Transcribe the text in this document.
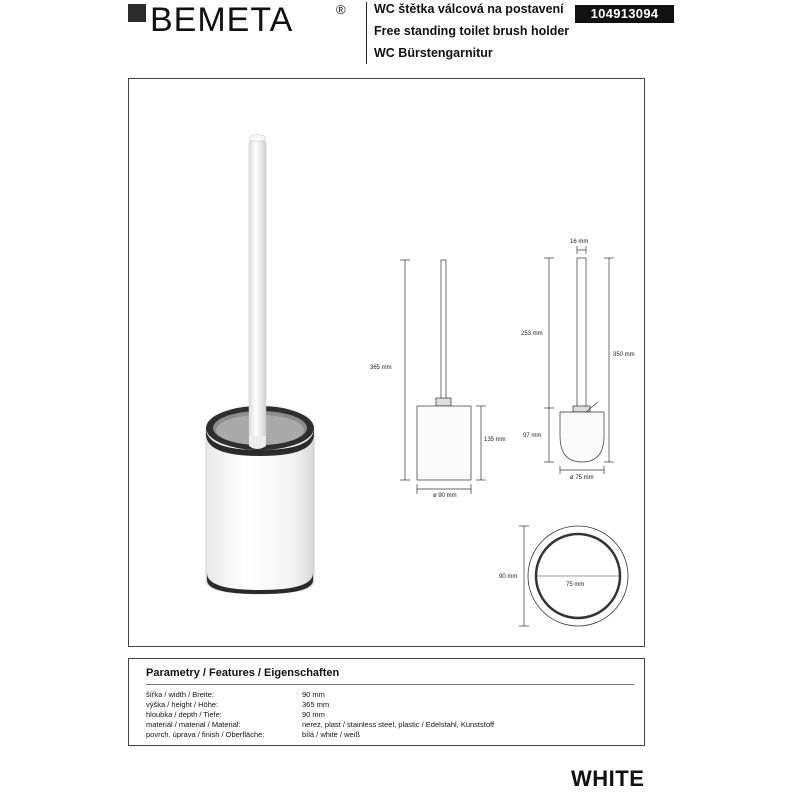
BEMETA	® WC štětka válcová na postavení
Free standing toilet brush holder
WC Bürstengarnitur
104913094
365 mm
135 mm
ø 90 mm
16 mm
253 mm
350 mm
97 mm
ø 75 mm
90 mm
75 mm
Parametry / Features / Eigenschaften
šířka / width / Breite:	90 mm
výška / height / Höhe:	365 mm
hloubka / depth / Tiefe:	90 mm
materiál / material / Material:	nerez, plast / stainless steel, plastic / Edelstahl, Kunststoff
povrch. úprava / finish / Oberfläche:	bílá / white / weiß
WHITE
